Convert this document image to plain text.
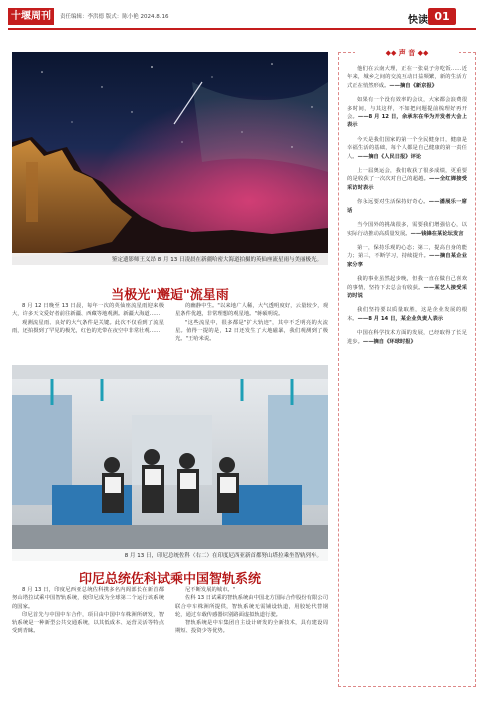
十堰周刊	责任编辑：李洪德 版式：陈小艳 2024.8.16	快读 01
鉴定遗影师王义昂 8 月 13 日凌晨在新疆哈密大海道拍摄的英仙座流星雨与美丽极光。
当极光"邂逅"流星雨

8 月 12 日晚至 13 日晨，每年一次的英仙座流星雨迎来极大，许多天文爱好者前往新疆、西藏等地观测。新疆大海道……

观测流星雨、良好的大气条件是关键。此次不仅看到了流星雨，还拍摄到了罕见的极光，红色的光带在夜空中非常壮观……

的幽静中生。"以来地广人稀，大气透明度好，云量较少，观星条件优越，非常理想的观星地。"蒋硕明说。

"这些流星中，很多都是"扩大轨迹"，其中不乏明亮的火流星。值得一提的是，12 日还发生了大地磁暴，我们观测到了极光。"王哈米说。

8 月 13 日，印尼总统佐科（右二）在印度尼西亚新首都努山塔拉乘坐智轨列车。
印尼总统佐科试乘中国智轨系统

8 月 13 日，印度尼西亚总统佐科携多名内阁部长在新首都努山塔拉试乘中国智轨系统，使印尼成为全球第二个运行该系统的国家。

印尼首先与中国中车合作，项目由中国中车株洲所研发，智轨系统是一种新型公共交通系统，以其低成本、运营灵活等特点受到青睐。

尼不断发展的城市。"

佐科 13 日试乘的智轨系统由中国北方国际合作股份有限公司联合中车株洲所提供，智轨系统无需铺设轨道，用胶轮代替钢轮，通过车载传感器识别路面虚拟轨道行驶。

智轨系统是中车集团自主设计研发的全新技术，具有建设周期短、投资少等优势。

◆◆ 声 音 ◆◆

他们在云南大理，正在一张桌子旁吃饭……近年来，城乡之间的交流互动日益频繁，新的生活方式正在悄然形成。——摘自《新京报》

如果有一个没有效率的会议，大家都会浪费很多时间，与其这样，不如把问题提前梳理好再开会。——8 月 12 日，余承东在华为开发者大会上表示

今天是我们国家的第一个全民健身日，健康是幸福生活的基础，每个人都是自己健康的第一责任人。——摘自《人民日报》评论

上一届奥运会，我们收获了很多成绩，更重要的是收获了一次次对自己的超越。——全红婵接受采访时表示

你永远要对生活保持好奇心。——潘展乐一席话

当今国外的挑战很多，需要我们增强信心，以实际行动推动高质量发展。——钱锋在某论坛发言

第一，保持乐观的心态；第二，提高自身的能力；第三，不断学习，持续提升。——摘自某企业家分享

我的事业虽然起步晚，但我一直在做自己喜欢的事情，坚持下去总会有收获。——某艺人接受采访时说

我们坚持要以质量取胜，这是企业发展的根本。——8 月 14 日，某企业负责人表示

中国在科学技术方面的发展，已经取得了长足进步。——摘自《环球时报》
